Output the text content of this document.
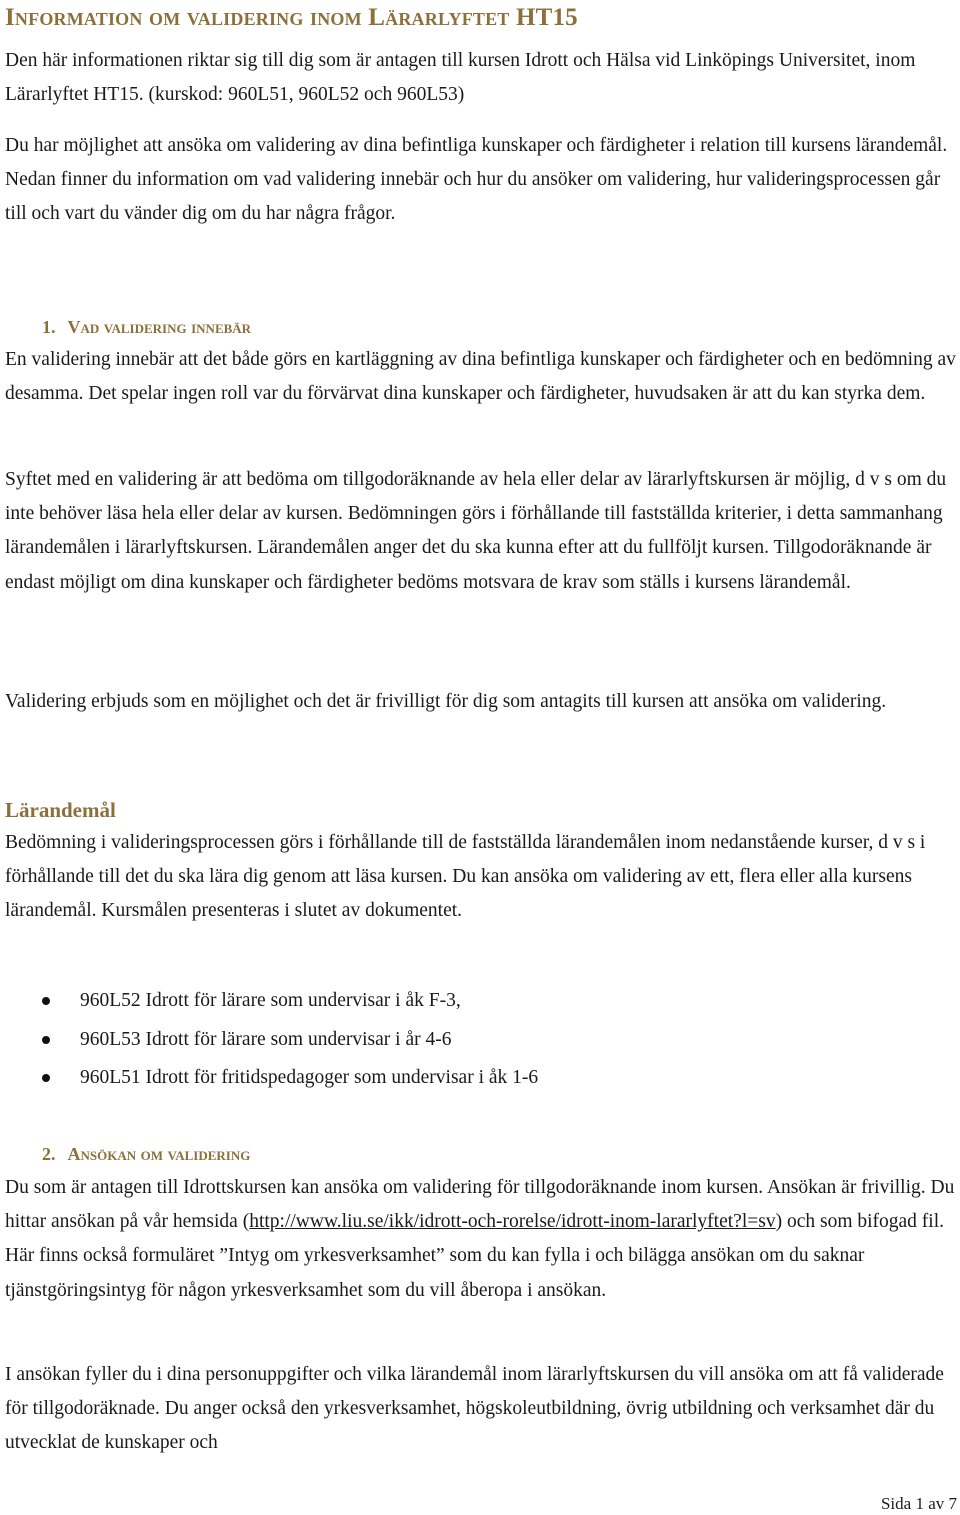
Information om validering inom Lärarlyftet HT15

Den här informationen riktar sig till dig som är antagen till kursen Idrott och Hälsa vid Linköpings Universitet, inom Lärarlyftet HT15. (kurskod: 960L51, 960L52 och 960L53)

Du har möjlighet att ansöka om validering av dina befintliga kunskaper och färdigheter i relation till kursens lärandemål. Nedan finner du information om vad validering innebär och hur du ansöker om validering, hur valideringsprocessen går till och vart du vänder dig om du har några frågor.

1. Vad validering innebär

En validering innebär att det både görs en kartläggning av dina befintliga kunskaper och färdigheter och en bedömning av desamma. Det spelar ingen roll var du förvärvat dina kunskaper och färdigheter, huvudsaken är att du kan styrka dem.

Syftet med en validering är att bedöma om tillgodoräknande av hela eller delar av lärarlyftskursen är möjlig, d v s om du inte behöver läsa hela eller delar av kursen. Bedömningen görs i förhållande till fastställda kriterier, i detta sammanhang lärandemålen i lärarlyftskursen. Lärandemålen anger det du ska kunna efter att du fullföljt kursen. Tillgodoräknande är endast möjligt om dina kunskaper och färdigheter bedöms motsvara de krav som ställs i kursens lärandemål.

Validering erbjuds som en möjlighet och det är frivilligt för dig som antagits till kursen att ansöka om validering.

Lärandemål

Bedömning i valideringsprocessen görs i förhållande till de fastställda lärandemålen inom nedanstående kurser, d v s i förhållande till det du ska lära dig genom att läsa kursen. Du kan ansöka om validering av ett, flera eller alla kursens lärandemål. Kursmålen presenteras i slutet av dokumentet.

960L52 Idrott för lärare som undervisar i åk F-3,
960L53 Idrott för lärare som undervisar i år 4-6
960L51 Idrott för fritidspedagoger som undervisar i åk 1-6
2. Ansökan om validering

Du som är antagen till Idrottskursen kan ansöka om validering för tillgodoräknande inom kursen. Ansökan är frivillig. Du hittar ansökan på vår hemsida (http://www.liu.se/ikk/idrott-och-rorelse/idrott-inom-lararlyftet?l=sv) och som bifogad fil. Här finns också formuläret ”Intyg om yrkesverksamhet” som du kan fylla i och bilägga ansökan om du saknar tjänstgöringsintyg för någon yrkesverksamhet som du vill åberopa i ansökan.

I ansökan fyller du i dina personuppgifter och vilka lärandemål inom lärarlyftskursen du vill ansöka om att få validerade för tillgodoräknade. Du anger också den yrkesverksamhet, högskoleutbildning, övrig utbildning och verksamhet där du utvecklat de kunskaper och

Sida 1 av 7
